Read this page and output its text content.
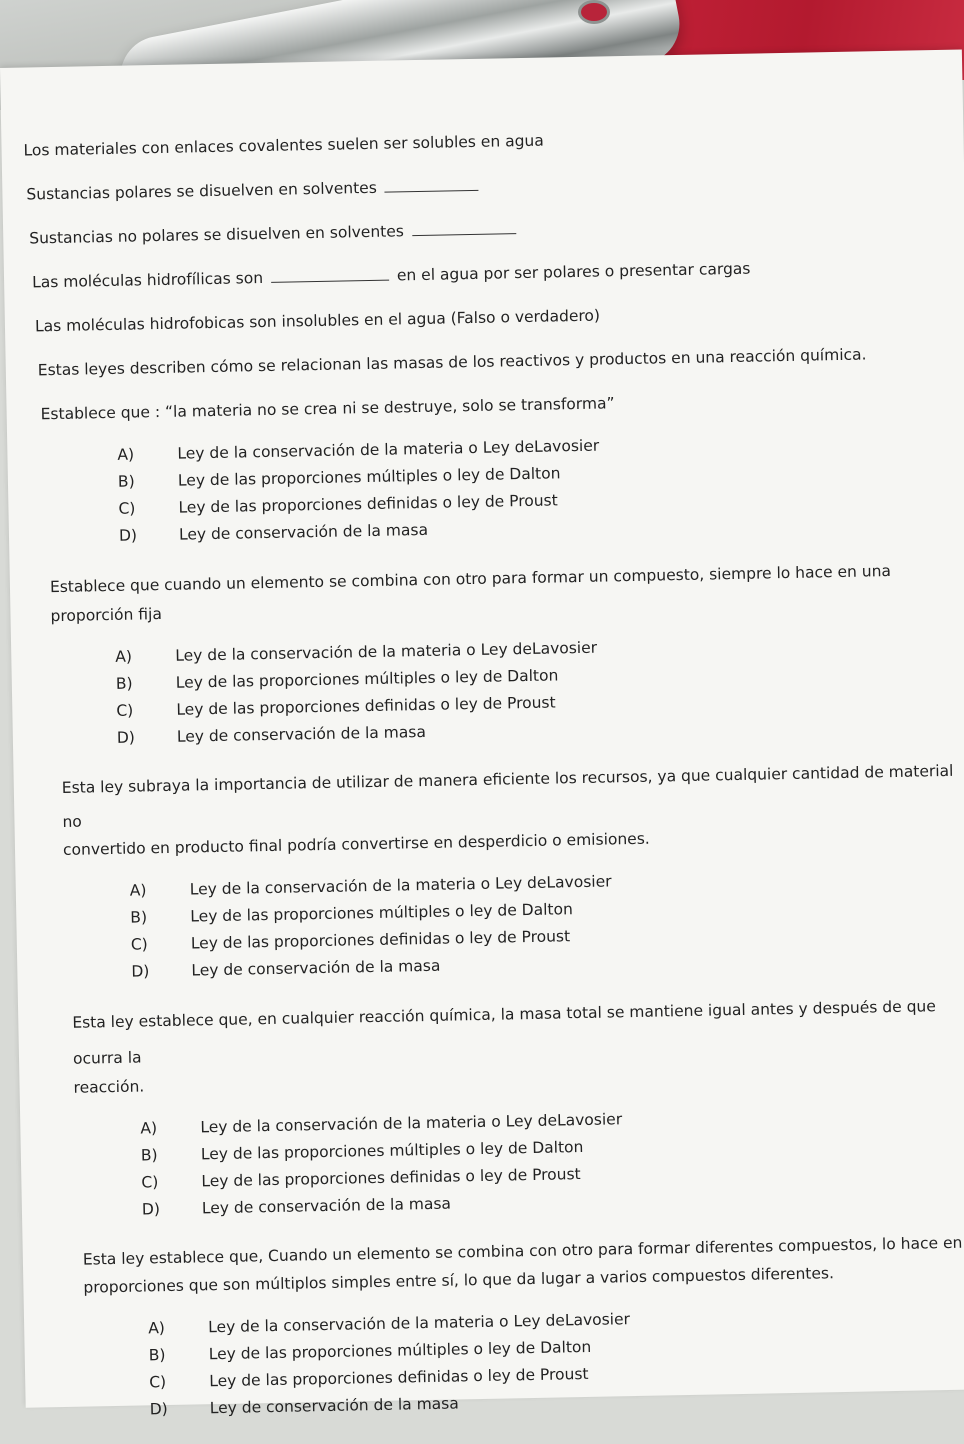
Los materiales con enlaces covalentes suelen ser solubles en agua

Sustancias polares se disuelven en solventes

Sustancias no polares se disuelven en solventes

Las moléculas hidrofílicas son	en el agua por ser polares o presentar cargas

Las moléculas hidrofobicas son insolubles en el agua (Falso o verdadero)

Estas leyes describen cómo se relacionan las masas de los reactivos y productos en una reacción química.

Establece que : “la materia no se crea ni se destruye, solo se transforma”

A)	Ley de la conservación de la materia o Ley deLavosier
B)	Ley de las proporciones múltiples o ley de Dalton
C)	Ley de las proporciones definidas o ley de Proust
D)	Ley de conservación de la masa

Establece que cuando un elemento se combina con otro para formar un compuesto, siempre lo hace en una

proporción fija

A)	Ley de la conservación de la materia o Ley deLavosier
B)	Ley de las proporciones múltiples o ley de Dalton
C)	Ley de las proporciones definidas o ley de Proust
D)	Ley de conservación de la masa

Esta ley subraya la importancia de utilizar de manera eficiente los recursos, ya que cualquier cantidad de material no

convertido en producto final podría convertirse en desperdicio o emisiones.

A)	Ley de la conservación de la materia o Ley deLavosier
B)	Ley de las proporciones múltiples o ley de Dalton
C)	Ley de las proporciones definidas o ley de Proust
D)	Ley de conservación de la masa

Esta ley establece que, en cualquier reacción química, la masa total se mantiene igual antes y después de que ocurra la

reacción.

A)	Ley de la conservación de la materia o Ley deLavosier
B)	Ley de las proporciones múltiples o ley de Dalton
C)	Ley de las proporciones definidas o ley de Proust
D)	Ley de conservación de la masa

Esta ley establece que, Cuando un elemento se combina con otro para formar diferentes compuestos, lo hace en

proporciones que son múltiplos simples entre sí, lo que da lugar a varios compuestos diferentes.

A)	Ley de la conservación de la materia o Ley deLavosier
B)	Ley de las proporciones múltiples o ley de Dalton
C)	Ley de las proporciones definidas o ley de Proust
D)	Ley de conservación de la masa
